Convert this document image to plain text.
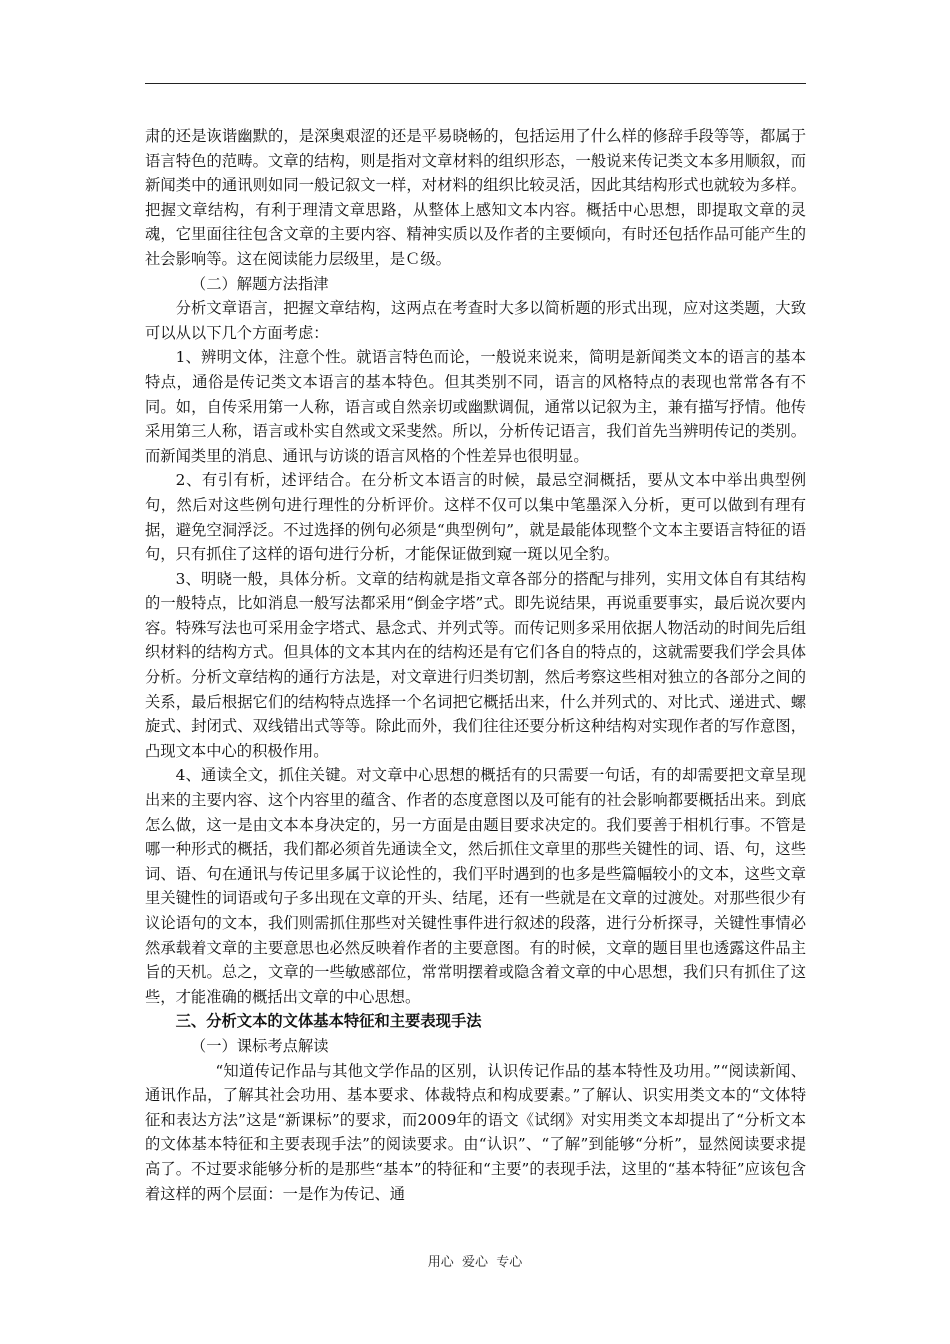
肃的还是诙谐幽默的，是深奥艰涩的还是平易晓畅的，包括运用了什么样的修辞手段等等，都属于语言特色的范畴。文章的结构，则是指对文章材料的组织形态，一般说来传记类文本多用顺叙，而新闻类中的通讯则如同一般记叙文一样，对材料的组织比较灵活，因此其结构形式也就较为多样。把握文章结构，有利于理清文章思路，从整体上感知文本内容。概括中心思想，即提取文章的灵魂，它里面往往包含文章的主要内容、精神实质以及作者的主要倾向，有时还包括作品可能产生的社会影响等。这在阅读能力层级里，是Ｃ级。

（二）解题方法指津

分析文章语言，把握文章结构，这两点在考查时大多以简析题的形式出现，应对这类题，大致可以从以下几个方面考虑：

1、辨明文体，注意个性。就语言特色而论，一般说来说来，简明是新闻类文本的语言的基本特点，通俗是传记类文本语言的基本特色。但其类别不同，语言的风格特点的表现也常常各有不同。如，自传采用第一人称，语言或自然亲切或幽默调侃，通常以记叙为主，兼有描写抒情。他传采用第三人称，语言或朴实自然或文采斐然。所以，分析传记语言，我们首先当辨明传记的类别。而新闻类里的消息、通讯与访谈的语言风格的个性差异也很明显。

2、有引有析，述评结合。在分析文本语言的时候，最忌空洞概括，要从文本中举出典型例句，然后对这些例句进行理性的分析评价。这样不仅可以集中笔墨深入分析，更可以做到有理有据，避免空洞浮泛。不过选择的例句必须是“典型例句”，就是最能体现整个文本主要语言特征的语句，只有抓住了这样的语句进行分析，才能保证做到窥一斑以见全豹。

3、明晓一般，具体分析。文章的结构就是指文章各部分的搭配与排列，实用文体自有其结构的一般特点，比如消息一般写法都采用“倒金字塔”式。即先说结果，再说重要事实，最后说次要内容。特殊写法也可采用金字塔式、悬念式、并列式等。而传记则多采用依据人物活动的时间先后组织材料的结构方式。但具体的文本其内在的结构还是有它们各自的特点的，这就需要我们学会具体分析。分析文章结构的通行方法是，对文章进行归类切割，然后考察这些相对独立的各部分之间的关系，最后根据它们的结构特点选择一个名词把它概括出来，什么并列式的、对比式、递进式、螺旋式、封闭式、双线错出式等等。除此而外，我们往往还要分析这种结构对实现作者的写作意图，凸现文本中心的积极作用。

4、通读全文，抓住关键。对文章中心思想的概括有的只需要一句话，有的却需要把文章呈现出来的主要内容、这个内容里的蕴含、作者的态度意图以及可能有的社会影响都要概括出来。到底怎么做，这一是由文本本身决定的，另一方面是由题目要求决定的。我们要善于相机行事。不管是哪一种形式的概括，我们都必须首先通读全文，然后抓住文章里的那些关键性的词、语、句，这些词、语、句在通讯与传记里多属于议论性的，我们平时遇到的也多是些篇幅较小的文本，这些文章里关键性的词语或句子多出现在文章的开头、结尾，还有一些就是在文章的过渡处。对那些很少有议论语句的文本，我们则需抓住那些对关键性事件进行叙述的段落，进行分析探寻，关键性事情必然承载着文章的主要意思也必然反映着作者的主要意图。有的时候，文章的题目里也透露这件品主旨的天机。总之，文章的一些敏感部位，常常明摆着或隐含着文章的中心思想，我们只有抓住了这些，才能准确的概括出文章的中心思想。

三、分析文本的文体基本特征和主要表现手法

（一）课标考点解读

“知道传记作品与其他文学作品的区别，认识传记作品的基本特性及功用。”“阅读新闻、通讯作品，了解其社会功用、基本要求、体裁特点和构成要素。”了解认、识实用类文本的“文体特征和表达方法”这是“新课标”的要求，而2009年的语文《试纲》对实用类文本却提出了“分析文本的文体基本特征和主要表现手法”的阅读要求。由“认识”、“了解”到能够“分析”，显然阅读要求提高了。不过要求能够分析的是那些“基本”的特征和“主要”的表现手法，这里的“基本特征”应该包含着这样的两个层面：一是作为传记、通

用心  爱心  专心
